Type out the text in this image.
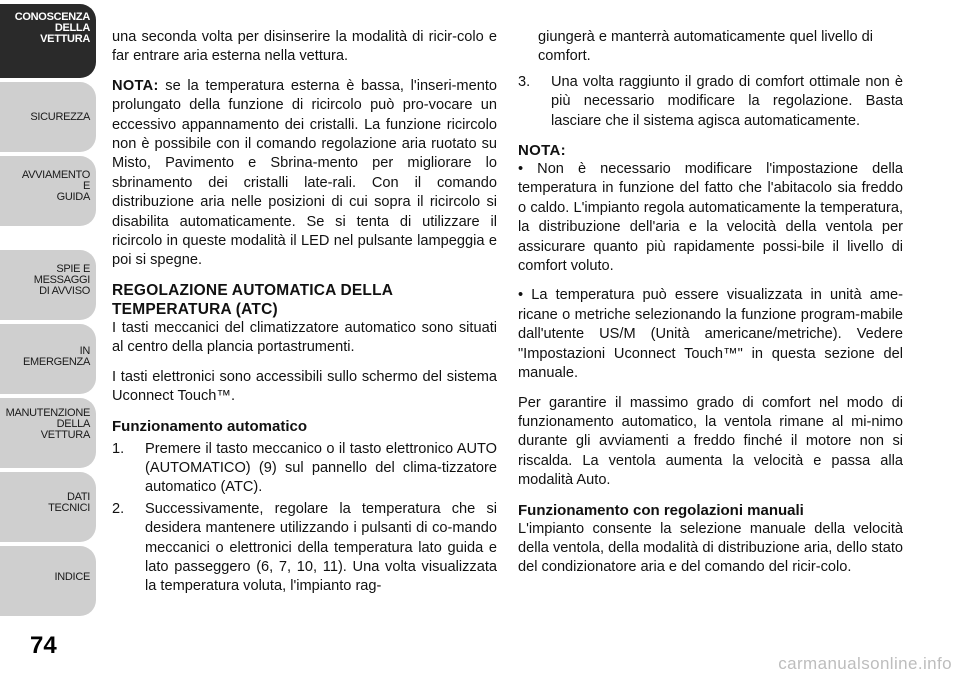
CONOSCENZA
DELLA
VETTURA
SICUREZZA
AVVIAMENTO
E
GUIDA
SPIE E
MESSAGGI
DI AVVISO
IN
EMERGENZA
MANUTENZIONE
DELLA
VETTURA
DATI
TECNICI
INDICE
74

una seconda volta per disinserire la modalità di ricir-colo e far entrare aria esterna nella vettura.

NOTA: se la temperatura esterna è bassa, l'inseri-mento prolungato della funzione di ricircolo può pro-vocare un eccessivo appannamento dei cristalli. La funzione ricircolo non è possibile con il comando regolazione aria ruotato su Misto, Pavimento e Sbrina-mento per migliorare lo sbrinamento dei cristalli late-rali. Con il comando distribuzione aria nelle posizioni di cui sopra il ricircolo si disabilita automaticamente. Se si tenta di utilizzare il ricircolo in queste modalità il LED nel pulsante lampeggia e poi si spegne.

REGOLAZIONE AUTOMATICA DELLA TEMPERATURA (ATC)

I tasti meccanici del climatizzatore automatico sono situati al centro della plancia portastrumenti.

I tasti elettronici sono accessibili sullo schermo del sistema Uconnect Touch™.

Funzionamento automatico
1. Premere il tasto meccanico o il tasto elettronico AUTO (AUTOMATICO) (9) sul pannello del clima-tizzatore automatico (ATC).
2. Successivamente, regolare la temperatura che si desidera mantenere utilizzando i pulsanti di co-mando meccanici o elettronici della temperatura lato guida e lato passeggero (6, 7, 10, 11). Una volta visualizzata la temperatura voluta, l'impianto rag-

giungerà e manterrà automaticamente quel livello di comfort.

3. Una volta raggiunto il grado di comfort ottimale non è più necessario modificare la regolazione. Basta lasciare che il sistema agisca automaticamente.
NOTA:

• Non è necessario modificare l'impostazione della temperatura in funzione del fatto che l'abitacolo sia freddo o caldo. L'impianto regola automaticamente la temperatura, la distribuzione dell'aria e la velocità della ventola per assicurare quanto più rapidamente possi-bile il livello di comfort voluto.

• La temperatura può essere visualizzata in unità ame-ricane o metriche selezionando la funzione program-mabile dall'utente US/M (Unità americane/metriche). Vedere "Impostazioni Uconnect Touch™" in questa sezione del manuale.

Per garantire il massimo grado di comfort nel modo di funzionamento automatico, la ventola rimane al mi-nimo durante gli avviamenti a freddo finché il motore non si riscalda. La ventola aumenta la velocità e passa alla modalità Auto.

Funzionamento con regolazioni manuali

L'impianto consente la selezione manuale della velocità della ventola, della modalità di distribuzione aria, dello stato del condizionatore aria e del comando del ricir-colo.

carmanualsonline.info
